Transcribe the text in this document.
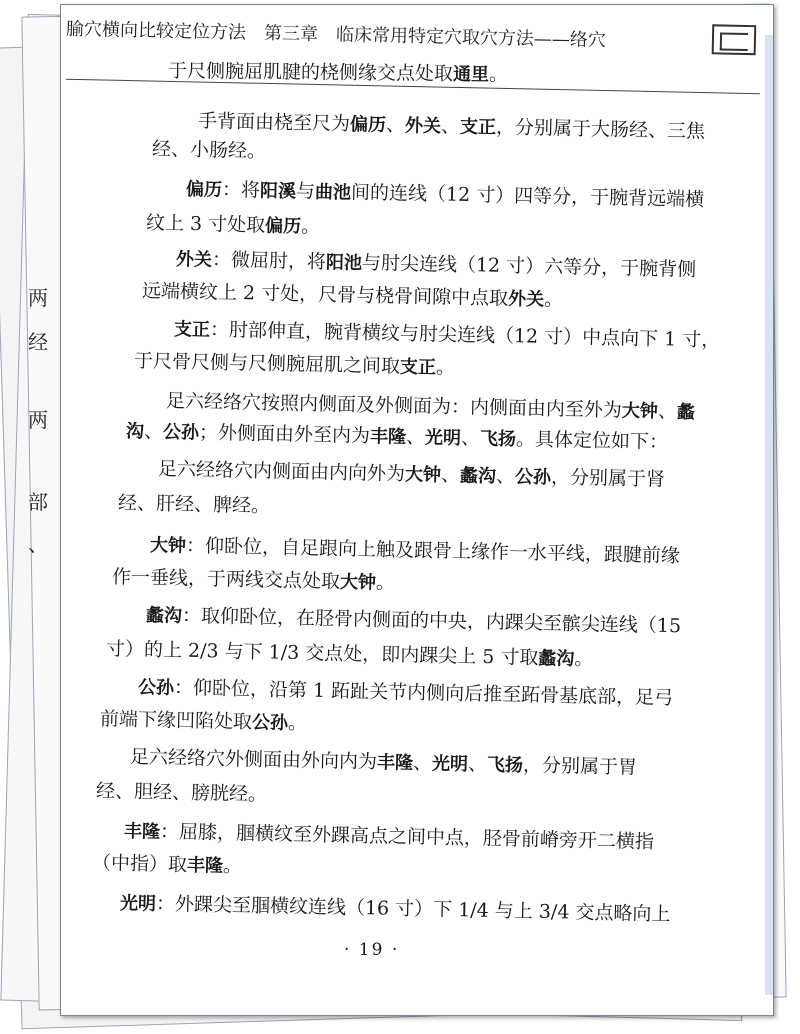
两
经
两
部
、
腧穴横向比较定位方法　第三章　临床常用特定穴取穴方法——络穴
于尺侧腕屈肌腱的桡侧缘交点处取通里。
手背面由桡至尺为偏历、外关、支正，分别属于大肠经、三焦
经、小肠经。
偏历：将阳溪与曲池间的连线（12 寸）四等分，于腕背远端横
纹上 3 寸处取偏历。
外关：微屈肘，将阳池与肘尖连线（12 寸）六等分，于腕背侧
远端横纹上 2 寸处，尺骨与桡骨间隙中点取外关。
支正：肘部伸直，腕背横纹与肘尖连线（12 寸）中点向下 1 寸，
于尺骨尺侧与尺侧腕屈肌之间取支正。
足六经络穴按照内侧面及外侧面为：内侧面由内至外为大钟、蠡
沟、公孙；外侧面由外至内为丰隆、光明、飞扬。具体定位如下：
足六经络穴内侧面由内向外为大钟、蠡沟、公孙，分别属于肾
经、肝经、脾经。
大钟：仰卧位，自足跟向上触及跟骨上缘作一水平线，跟腱前缘
作一垂线，于两线交点处取大钟。
蠡沟：取仰卧位，在胫骨内侧面的中央，内踝尖至髌尖连线（15
寸）的上 2/3 与下 1/3 交点处，即内踝尖上 5 寸取蠡沟。
公孙：仰卧位，沿第 1 跖趾关节内侧向后推至跖骨基底部，足弓
前端下缘凹陷处取公孙。
足六经络穴外侧面由外向内为丰隆、光明、飞扬，分别属于胃
经、胆经、膀胱经。
丰隆：屈膝，腘横纹至外踝高点之间中点，胫骨前嵴旁开二横指
（中指）取丰隆。
光明：外踝尖至腘横纹连线（16 寸）下 1/4 与上 3/4 交点略向上
· 19 ·
